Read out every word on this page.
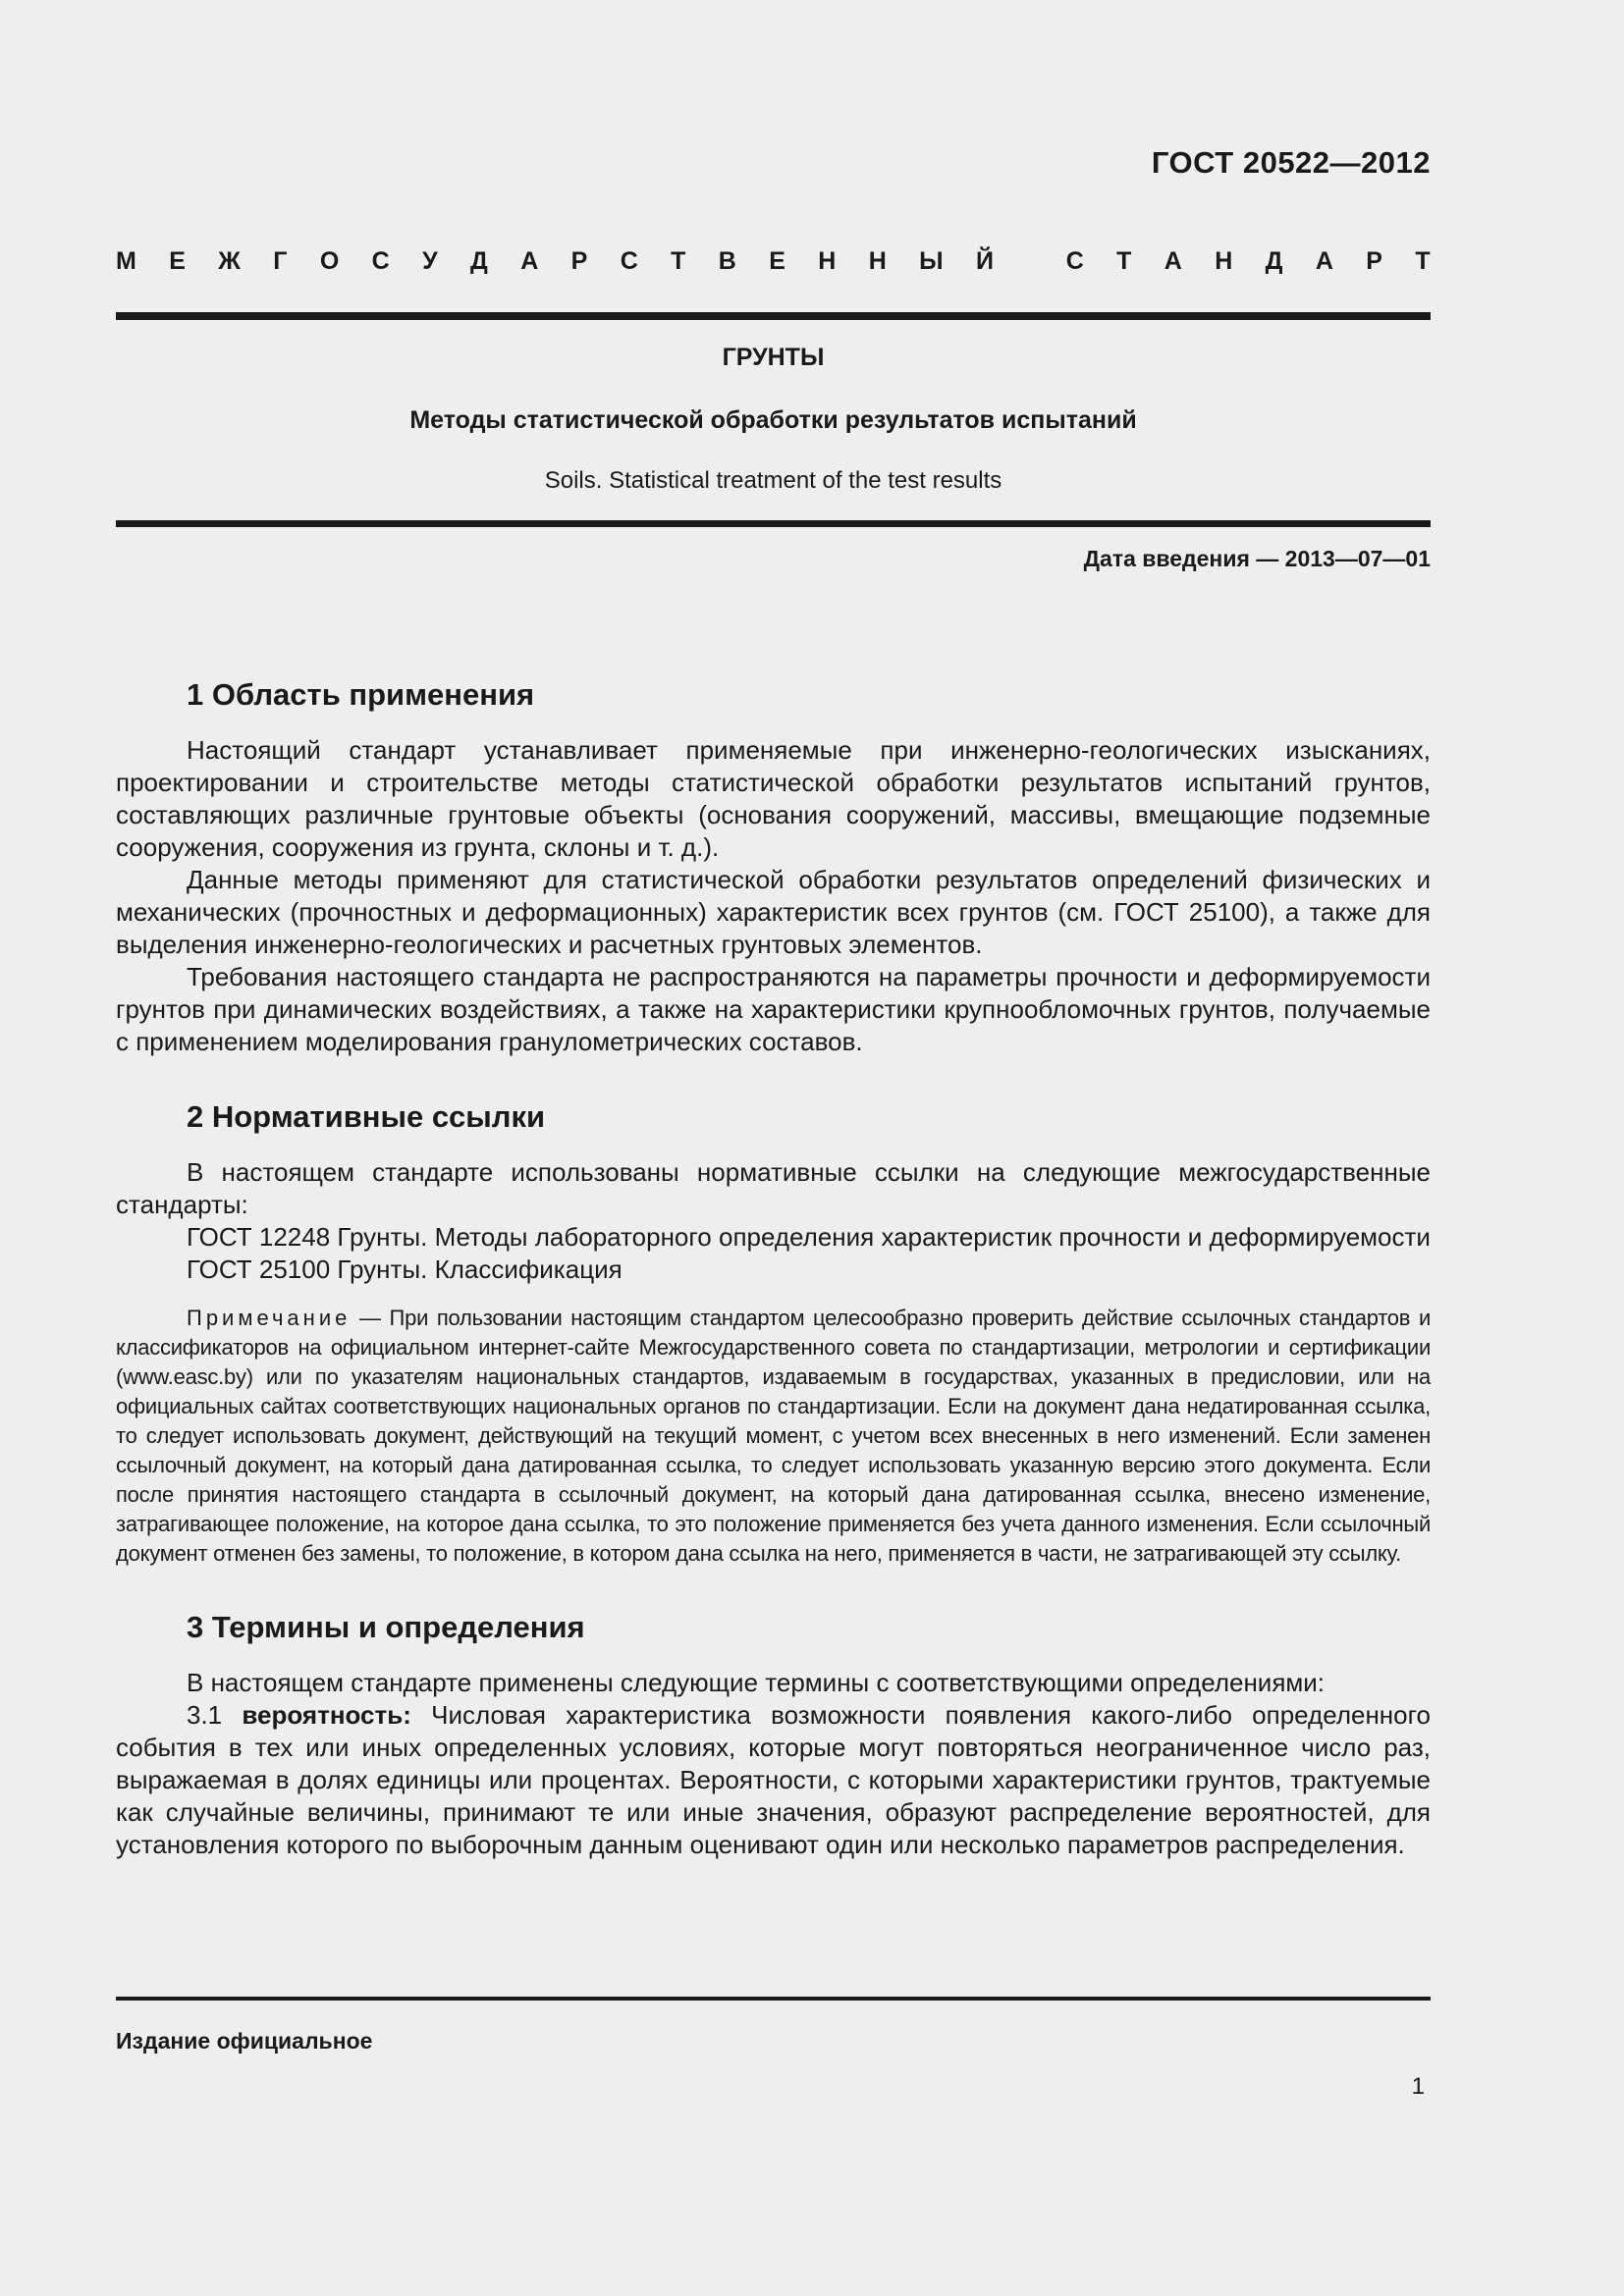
ГОСТ 20522—2012
М Е Ж Г О С У Д А Р С Т В Е Н Н Ы Й
	С Т А Н Д А Р Т
ГРУНТЫ
Методы статистической обработки результатов испытаний
Soils. Statistical treatment of the test results
Дата введения — 2013—07—01
1 Область применения

Настоящий стандарт устанавливает применяемые при инженерно-геологических изысканиях, проектировании и строительстве методы статистической обработки результатов испытаний грунтов, составляющих различные грунтовые объекты (основания сооружений, массивы, вмещающие подземные сооружения, сооружения из грунта, склоны и т. д.).

Данные методы применяют для статистической обработки результатов определений физических и механических (прочностных и деформационных) характеристик всех грунтов (см. ГОСТ 25100), а также для выделения инженерно-геологических и расчетных грунтовых элементов.

Требования настоящего стандарта не распространяются на параметры прочности и деформируемости грунтов при динамических воздействиях, а также на характеристики крупнообломочных грунтов, получаемые с применением моделирования гранулометрических составов.

2 Нормативные ссылки

В настоящем стандарте использованы нормативные ссылки на следующие межгосударственные стандарты:

ГОСТ 12248 Грунты. Методы лабораторного определения характеристик прочности и деформируемости

ГОСТ 25100 Грунты. Классификация

Примечание — При пользовании настоящим стандартом целесообразно проверить действие ссылочных стандартов и классификаторов на официальном интернет-сайте Межгосударственного совета по стандартизации, метрологии и сертификации (www.easc.by) или по указателям национальных стандартов, издаваемым в государствах, указанных в предисловии, или на официальных сайтах соответствующих национальных органов по стандартизации. Если на документ дана недатированная ссылка, то следует использовать документ, действующий на текущий момент, с учетом всех внесенных в него изменений. Если заменен ссылочный документ, на который дана датированная ссылка, то следует использовать указанную версию этого документа. Если после принятия настоящего стандарта в ссылочный документ, на который дана датированная ссылка, внесено изменение, затрагивающее положение, на которое дана ссылка, то это положение применяется без учета данного изменения. Если ссылочный документ отменен без замены, то положение, в котором дана ссылка на него, применяется в части, не затрагивающей эту ссылку.

3 Термины и определения

В настоящем стандарте применены следующие термины с соответствующими определениями:

3.1 вероятность: Числовая характеристика возможности появления какого-либо определенного события в тех или иных определенных условиях, которые могут повторяться неограниченное число раз, выражаемая в долях единицы или процентах. Вероятности, с которыми характеристики грунтов, трактуемые как случайные величины, принимают те или иные значения, образуют распределение вероятностей, для установления которого по выборочным данным оценивают один или несколько параметров распределения.

Издание официальное
1
